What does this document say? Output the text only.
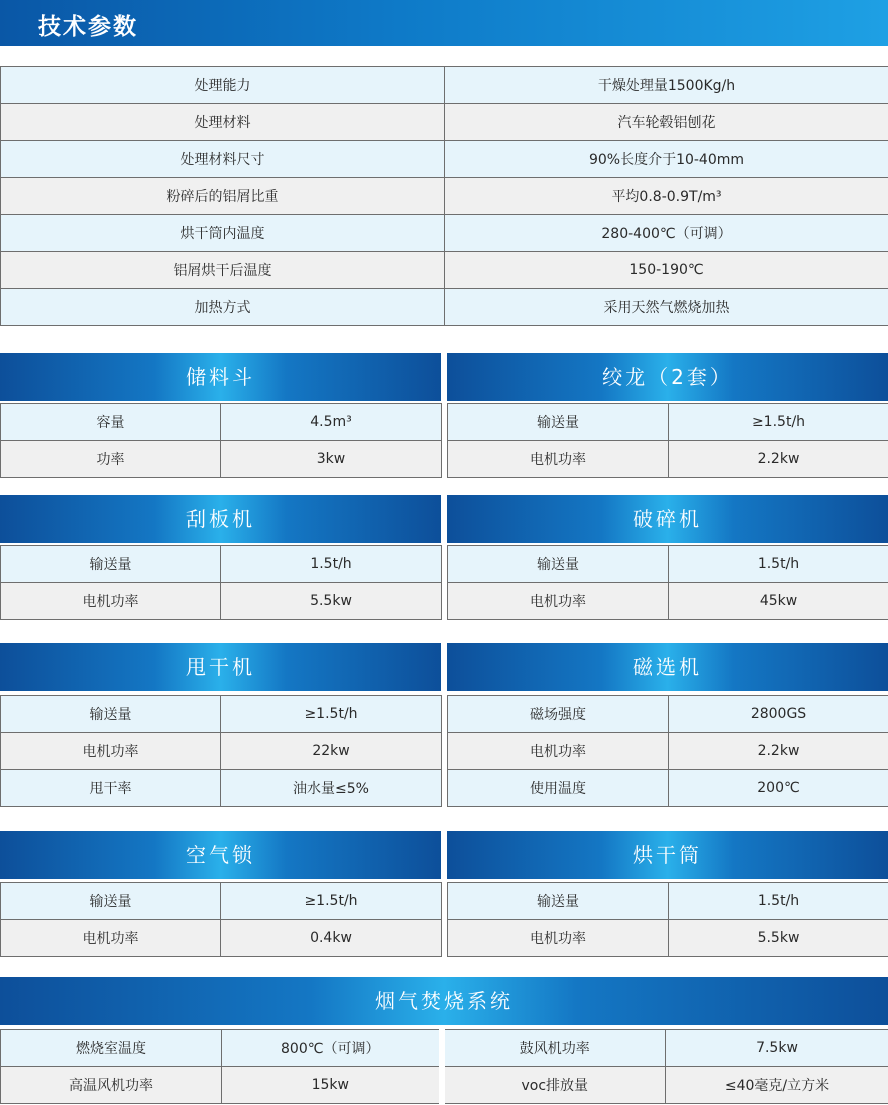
技术参数
处理能力	干燥处理量1500Kg/h
处理材料	汽车轮毂铝刨花
处理材料尺寸	90%长度介于10-40mm
粉碎后的铝屑比重	平均0.8-0.9T/m³
烘干筒内温度	280-400℃（可调）
铝屑烘干后温度	150-190℃
加热方式	采用天然气燃烧加热
储料斗
容量	4.5m³
功率	3kw
绞龙（2套）
输送量	≥1.5t/h
电机功率	2.2kw
刮板机
输送量	1.5t/h
电机功率	5.5kw
破碎机
输送量	1.5t/h
电机功率	45kw
甩干机
输送量	≥1.5t/h
电机功率	22kw
甩干率	油水量≤5%
磁选机
磁场强度	2800GS
电机功率	2.2kw
使用温度	200℃
空气锁
输送量	≥1.5t/h
电机功率	0.4kw
烘干筒
输送量	1.5t/h
电机功率	5.5kw
烟气焚烧系统
燃烧室温度	800℃（可调）	鼓风机功率	7.5kw
高温风机功率	15kw	voc排放量	≤40毫克/立方米
